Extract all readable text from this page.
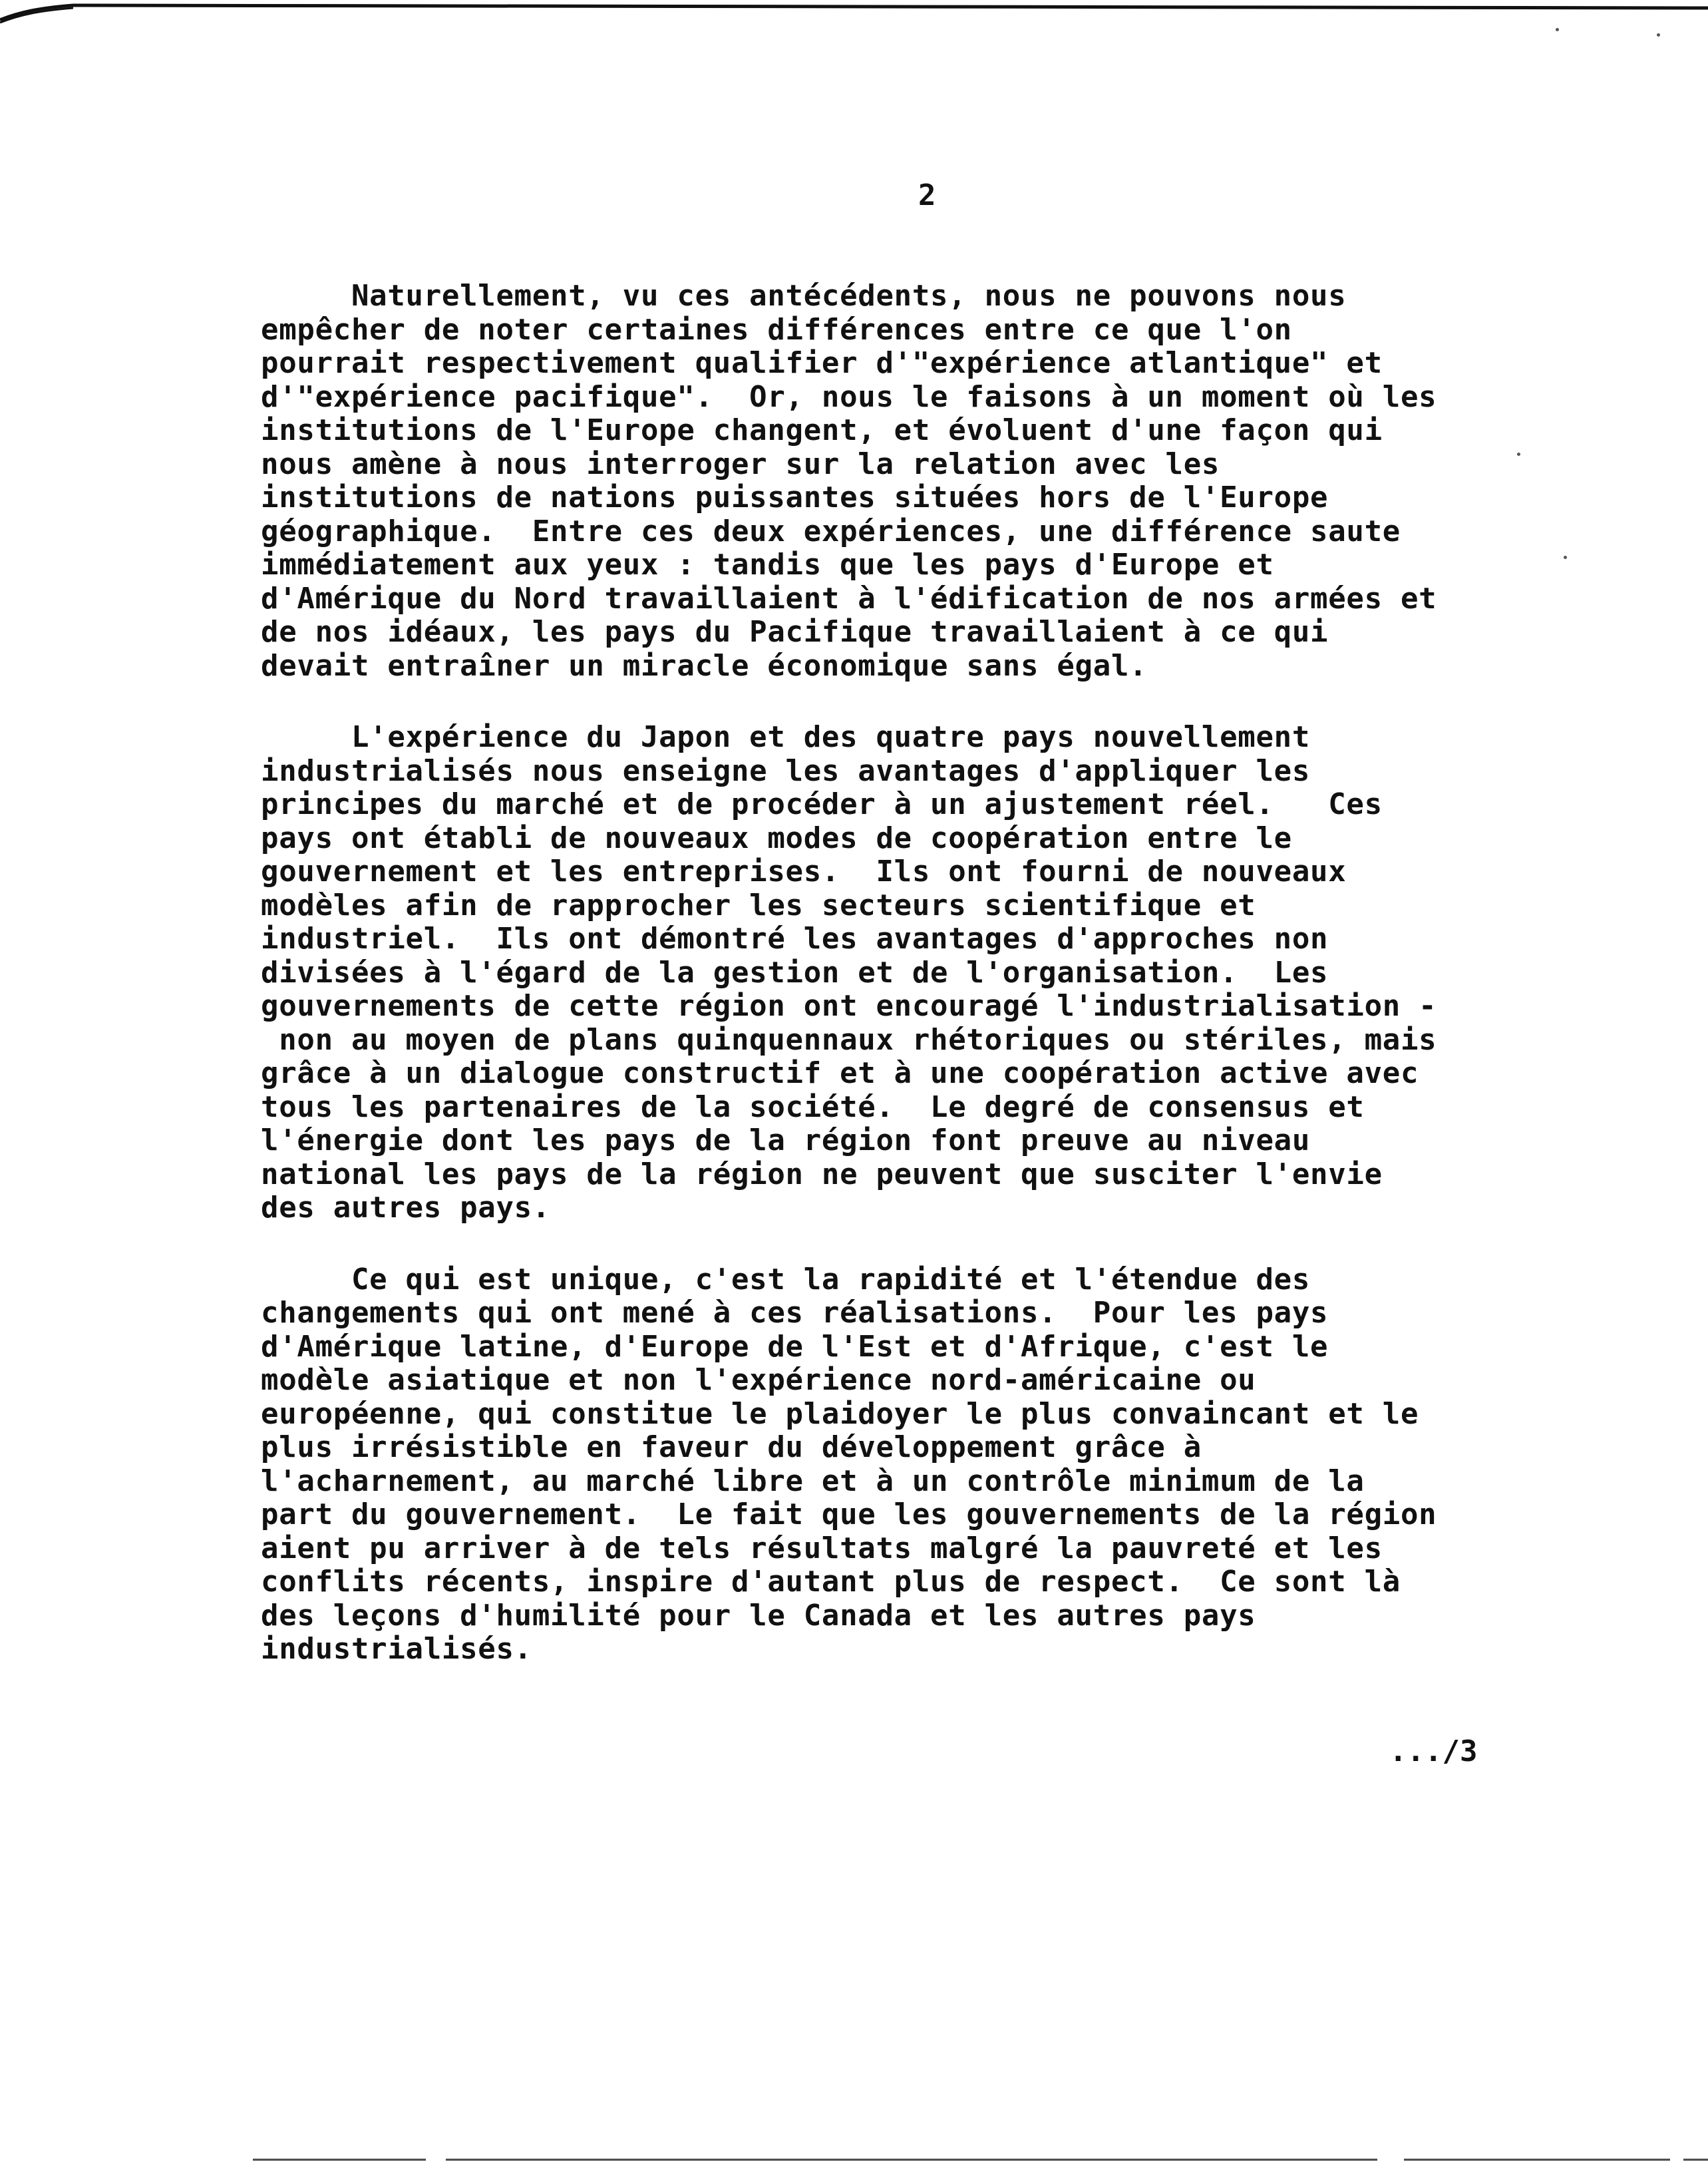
2

Naturellement, vu ces antécédents, nous ne pouvons nous
empêcher de noter certaines différences entre ce que l'on
pourrait respectivement qualifier d'"expérience atlantique" et
d'"expérience pacifique".  Or, nous le faisons à un moment où les
institutions de l'Europe changent, et évoluent d'une façon qui
nous amène à nous interroger sur la relation avec les
institutions de nations puissantes situées hors de l'Europe
géographique.  Entre ces deux expériences, une différence saute
immédiatement aux yeux : tandis que les pays d'Europe et
d'Amérique du Nord travaillaient à l'édification de nos armées et
de nos idéaux, les pays du Pacifique travaillaient à ce qui
devait entraîner un miracle économique sans égal.

L'expérience du Japon et des quatre pays nouvellement
industrialisés nous enseigne les avantages d'appliquer les
principes du marché et de procéder à un ajustement réel.   Ces
pays ont établi de nouveaux modes de coopération entre le
gouvernement et les entreprises.  Ils ont fourni de nouveaux
modèles afin de rapprocher les secteurs scientifique et
industriel.  Ils ont démontré les avantages d'approches non
divisées à l'égard de la gestion et de l'organisation.  Les
gouvernements de cette région ont encouragé l'industrialisation -
non au moyen de plans quinquennaux rhétoriques ou stériles, mais
grâce à un dialogue constructif et à une coopération active avec
tous les partenaires de la société.  Le degré de consensus et
l'énergie dont les pays de la région font preuve au niveau
national les pays de la région ne peuvent que susciter l'envie
des autres pays.

Ce qui est unique, c'est la rapidité et l'étendue des
changements qui ont mené à ces réalisations.  Pour les pays
d'Amérique latine, d'Europe de l'Est et d'Afrique, c'est le
modèle asiatique et non l'expérience nord-américaine ou
européenne, qui constitue le plaidoyer le plus convaincant et le
plus irrésistible en faveur du développement grâce à
l'acharnement, au marché libre et à un contrôle minimum de la
part du gouvernement.  Le fait que les gouvernements de la région
aient pu arriver à de tels résultats malgré la pauvreté et les
conflits récents, inspire d'autant plus de respect.  Ce sont là
des leçons d'humilité pour le Canada et les autres pays
industrialisés.

.../3
